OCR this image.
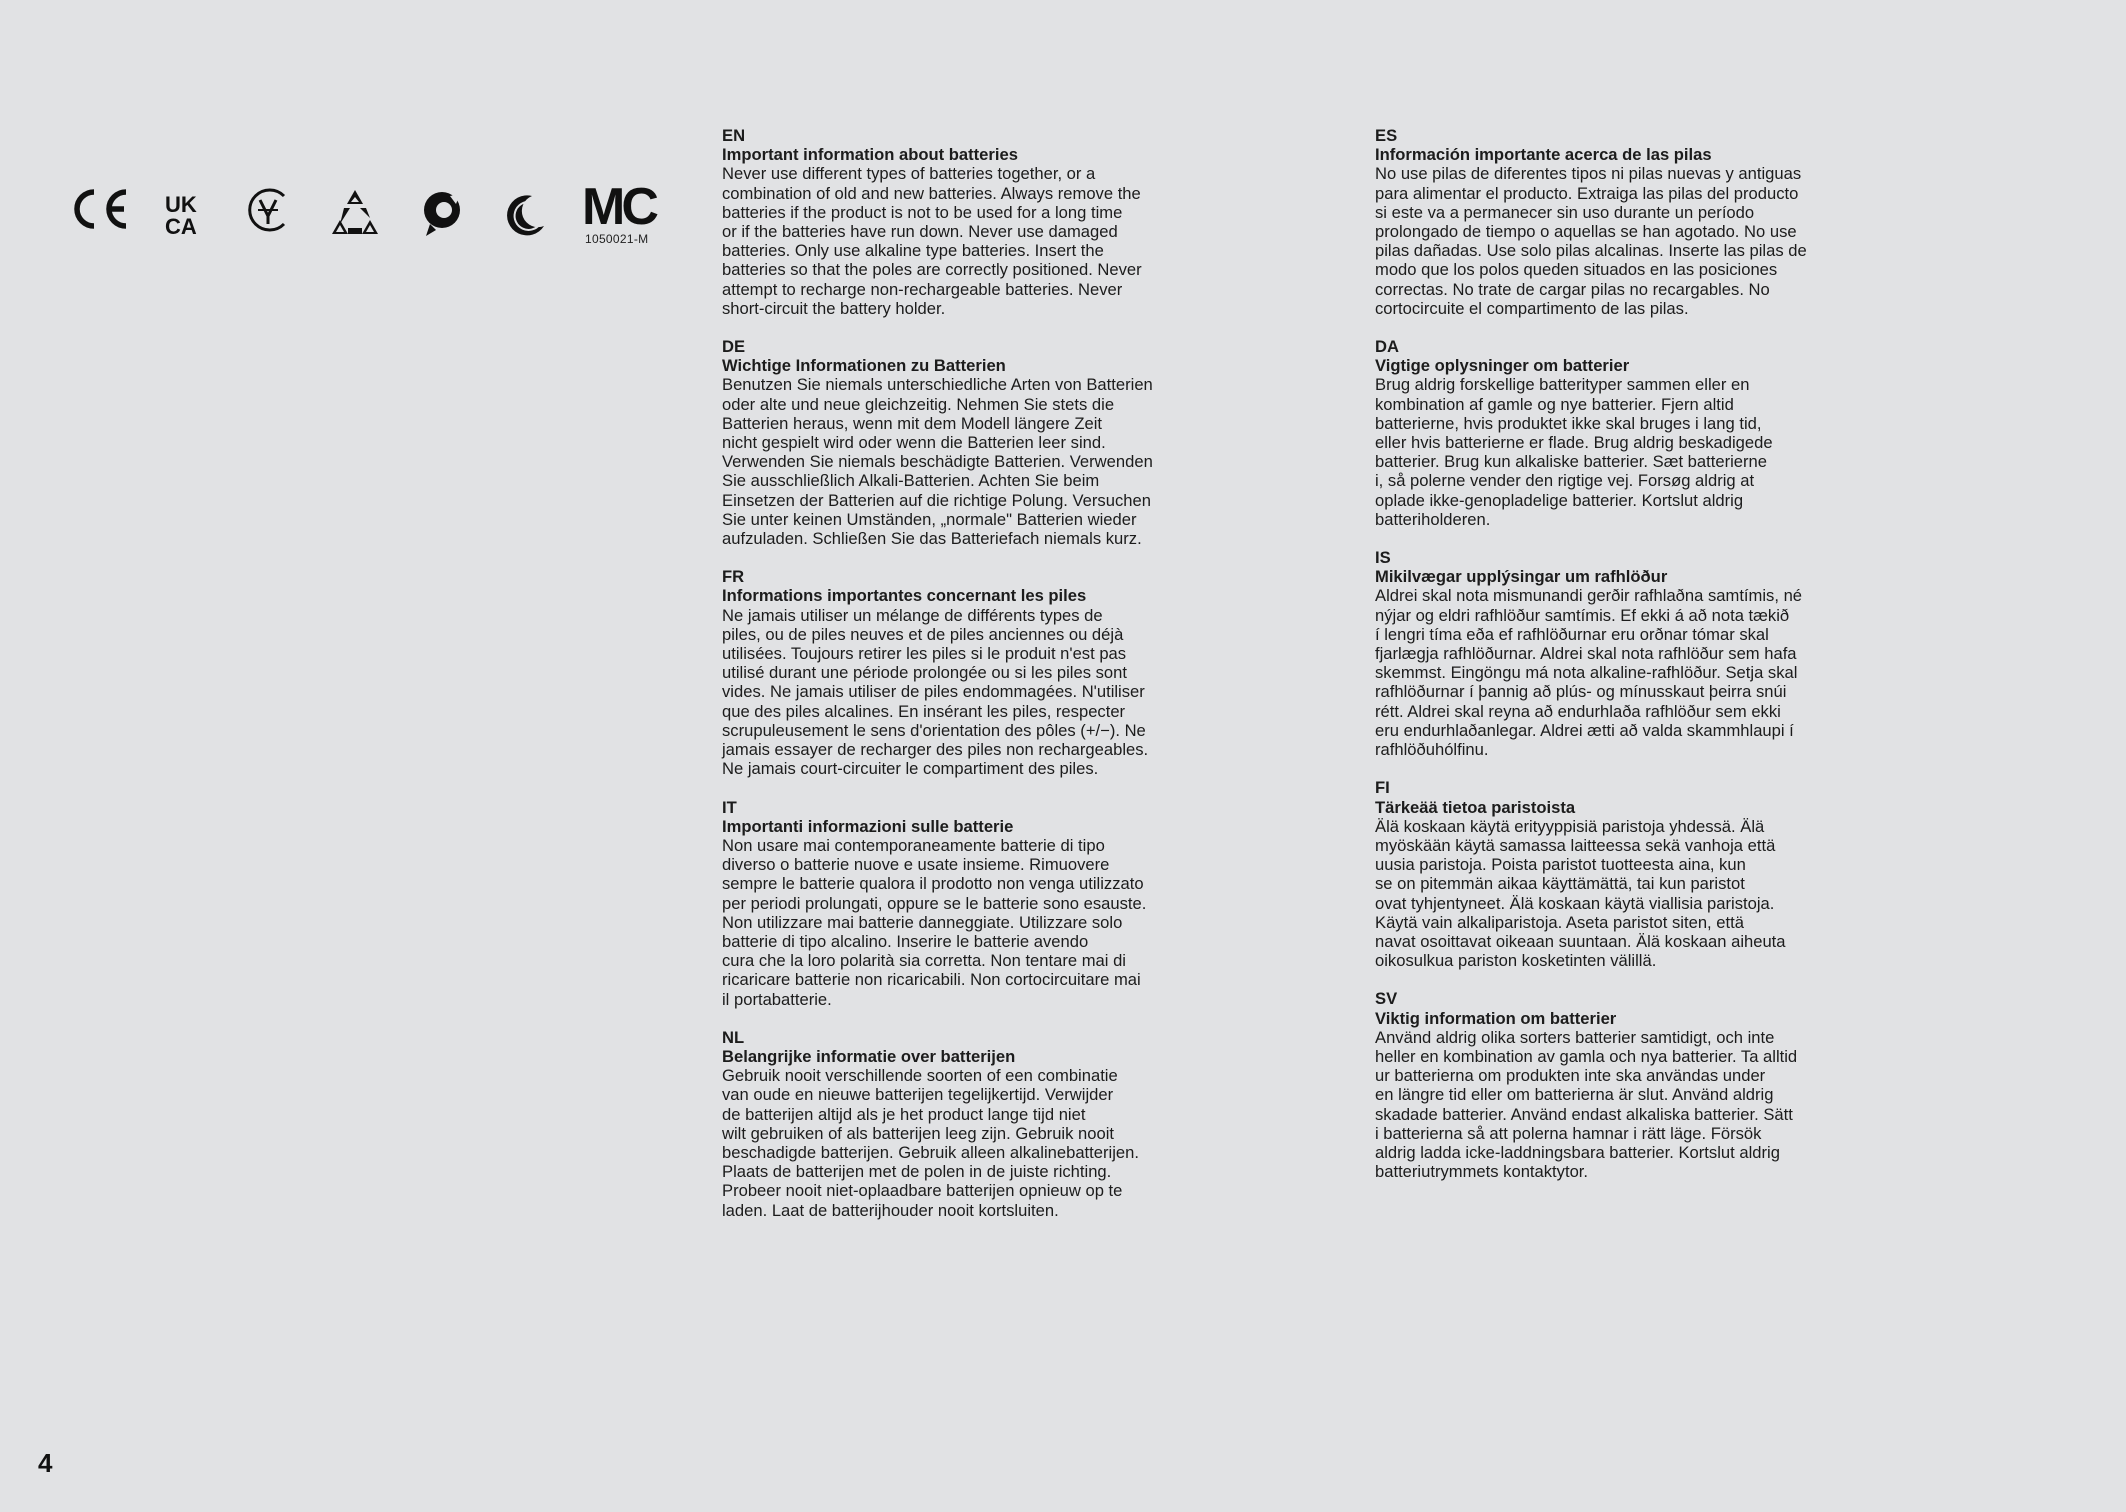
UK
CA	MC
1050021-M

EN

Important information about batteries

Never use different types of batteries together, or a
combination of old and new batteries. Always remove the
batteries if the product is not to be used for a long time
or if the batteries have run down. Never use damaged
batteries. Only use alkaline type batteries. Insert the
batteries so that the poles are correctly positioned. Never
attempt to recharge non-rechargeable batteries. Never
short-circuit the battery holder.

DE

Wichtige Informationen zu Batterien

Benutzen Sie niemals unterschiedliche Arten von Batterien
oder alte und neue gleichzeitig. Nehmen Sie stets die
Batterien heraus, wenn mit dem Modell längere Zeit
nicht gespielt wird oder wenn die Batterien leer sind.
Verwenden Sie niemals beschädigte Batterien. Verwenden
Sie ausschließlich Alkali-Batterien. Achten Sie beim
Einsetzen der Batterien auf die richtige Polung. Versuchen
Sie unter keinen Umständen, „normale" Batterien wieder
aufzuladen. Schließen Sie das Batteriefach niemals kurz.

FR

Informations importantes concernant les piles

Ne jamais utiliser un mélange de différents types de
piles, ou de piles neuves et de piles anciennes ou déjà
utilisées. Toujours retirer les piles si le produit n'est pas
utilisé durant une période prolongée ou si les piles sont
vides. Ne jamais utiliser de piles endommagées. N'utiliser
que des piles alcalines. En insérant les piles, respecter
scrupuleusement le sens d'orientation des pôles (+/−). Ne
jamais essayer de recharger des piles non rechargeables.
Ne jamais court-circuiter le compartiment des piles.

IT

Importanti informazioni sulle batterie

Non usare mai contemporaneamente batterie di tipo
diverso o batterie nuove e usate insieme. Rimuovere
sempre le batterie qualora il prodotto non venga utilizzato
per periodi prolungati, oppure se le batterie sono esauste.
Non utilizzare mai batterie danneggiate. Utilizzare solo
batterie di tipo alcalino. Inserire le batterie avendo
cura che la loro polarità sia corretta. Non tentare mai di
ricaricare batterie non ricaricabili. Non cortocircuitare mai
il portabatterie.

NL

Belangrijke informatie over batterijen

Gebruik nooit verschillende soorten of een combinatie
van oude en nieuwe batterijen tegelijkertijd. Verwijder
de batterijen altijd als je het product lange tijd niet
wilt gebruiken of als batterijen leeg zijn. Gebruik nooit
beschadigde batterijen. Gebruik alleen alkalinebatterijen.
Plaats de batterijen met de polen in de juiste richting.
Probeer nooit niet-oplaadbare batterijen opnieuw op te
laden. Laat de batterijhouder nooit kortsluiten.

ES

Información importante acerca de las pilas

No use pilas de diferentes tipos ni pilas nuevas y antiguas
para alimentar el producto. Extraiga las pilas del producto
si este va a permanecer sin uso durante un período
prolongado de tiempo o aquellas se han agotado. No use
pilas dañadas. Use solo pilas alcalinas. Inserte las pilas de
modo que los polos queden situados en las posiciones
correctas. No trate de cargar pilas no recargables. No
cortocircuite el compartimento de las pilas.

DA

Vigtige oplysninger om batterier

Brug aldrig forskellige batterityper sammen eller en
kombination af gamle og nye batterier. Fjern altid
batterierne, hvis produktet ikke skal bruges i lang tid,
eller hvis batterierne er flade. Brug aldrig beskadigede
batterier. Brug kun alkaliske batterier. Sæt batterierne
i, så polerne vender den rigtige vej. Forsøg aldrig at
oplade ikke-genopladelige batterier. Kortslut aldrig
batteriholderen.

IS

Mikilvægar upplýsingar um rafhlöður

Aldrei skal nota mismunandi gerðir rafhlaðna samtímis, né
nýjar og eldri rafhlöður samtímis. Ef ekki á að nota tækið
í lengri tíma eða ef rafhlöðurnar eru orðnar tómar skal
fjarlægja rafhlöðurnar. Aldrei skal nota rafhlöður sem hafa
skemmst. Eingöngu má nota alkaline-rafhlöður. Setja skal
rafhlöðurnar í þannig að plús- og mínusskaut þeirra snúi
rétt. Aldrei skal reyna að endurhlaða rafhlöður sem ekki
eru endurhlaðanlegar. Aldrei ætti að valda skammhlaupi í
rafhlöðuhólfinu.

FI

Tärkeää tietoa paristoista

Älä koskaan käytä erityyppisiä paristoja yhdessä. Älä
myöskään käytä samassa laitteessa sekä vanhoja että
uusia paristoja. Poista paristot tuotteesta aina, kun
se on pitemmän aikaa käyttämättä, tai kun paristot
ovat tyhjentyneet. Älä koskaan käytä viallisia paristoja.
Käytä vain alkaliparistoja. Aseta paristot siten, että
navat osoittavat oikeaan suuntaan. Älä koskaan aiheuta
oikosulkua pariston kosketinten välillä.

SV

Viktig information om batterier

Använd aldrig olika sorters batterier samtidigt, och inte
heller en kombination av gamla och nya batterier. Ta alltid
ur batterierna om produkten inte ska användas under
en längre tid eller om batterierna är slut. Använd aldrig
skadade batterier. Använd endast alkaliska batterier. Sätt
i batterierna så att polerna hamnar i rätt läge. Försök
aldrig ladda icke-laddningsbara batterier. Kortslut aldrig
batteriutrymmets kontaktytor.

4
